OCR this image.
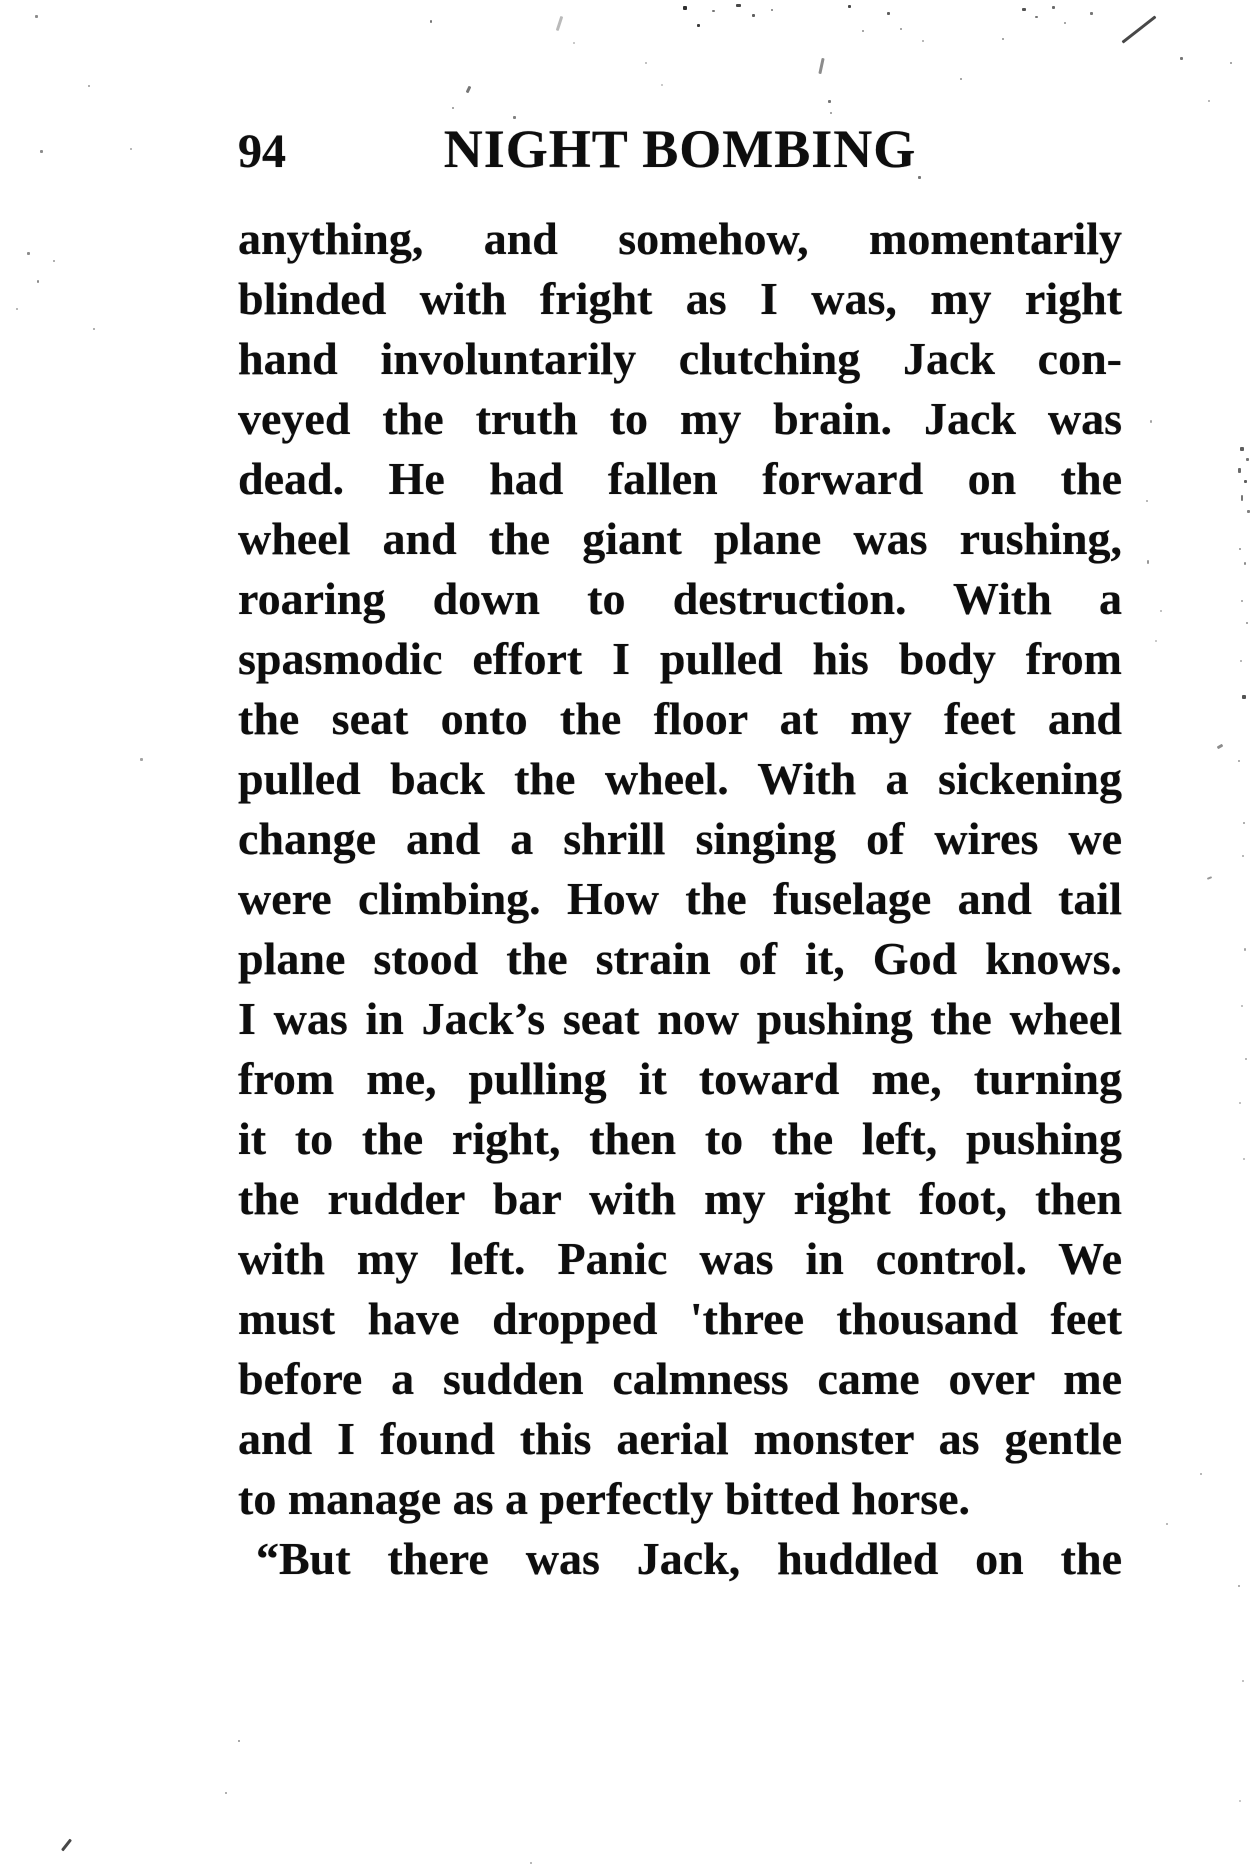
94	NIGHT BOMBING
anything, and somehow, momentarily
blinded with fright as I was, my right
hand involuntarily clutching Jack con-
veyed the truth to my brain. Jack was
dead. He had fallen forward on the
wheel and the giant plane was rushing,
roaring down to destruction. With a
spasmodic effort I pulled his body from
the seat onto the floor at my feet and
pulled back the wheel. With a sickening
change and a shrill singing of wires we
were climbing. How the fuselage and tail
plane stood the strain of it, God knows.
I was in Jack’s seat now pushing the wheel
from me, pulling it toward me, turning
it to the right, then to the left, pushing
the rudder bar with my right foot, then
with my left. Panic was in control. We
must have dropped 'three thousand feet
before a sudden calmness came over me
and I found this aerial monster as gentle
to manage as a perfectly bitted horse.
“But there was Jack, huddled on the
